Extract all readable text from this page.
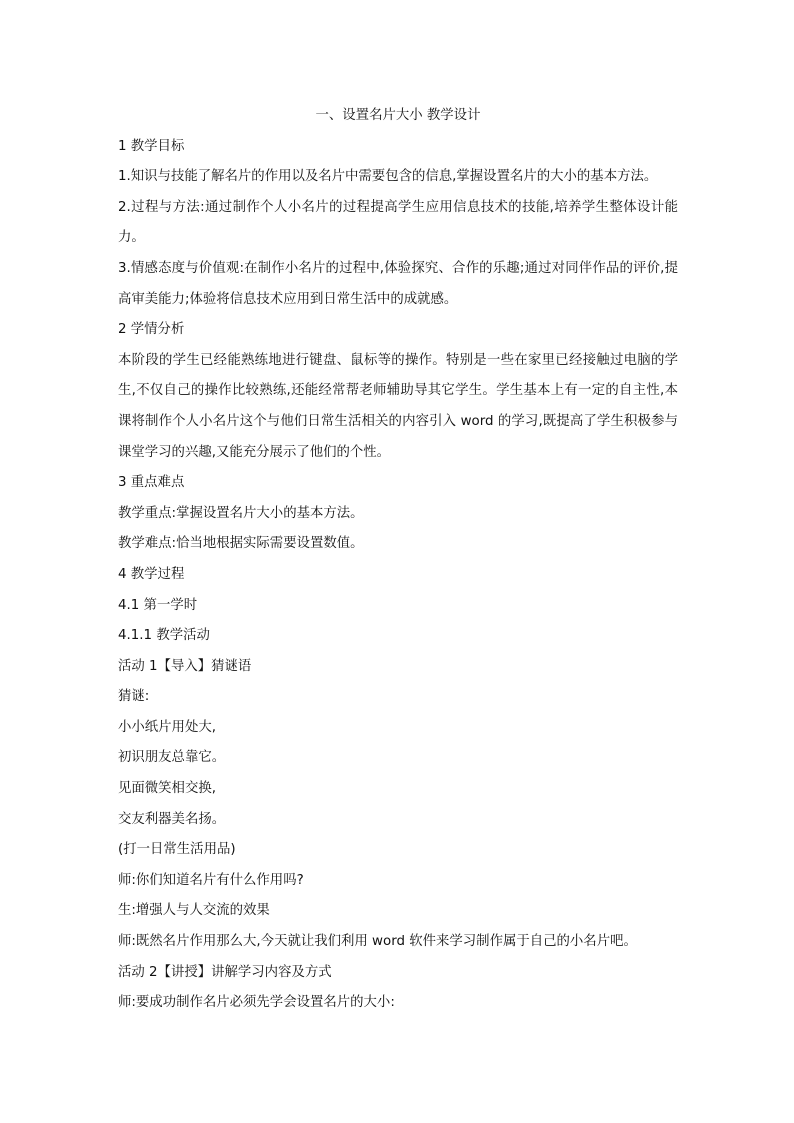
一、设置名片大小 教学设计

1 教学目标

1.知识与技能了解名片的作用以及名片中需要包含的信息,掌握设置名片的大小的基本方法。

2.过程与方法:通过制作个人小名片的过程提高学生应用信息技术的技能,培养学生整体设计能力。

3.情感态度与价值观:在制作小名片的过程中,体验探究、合作的乐趣;通过对同伴作品的评价,提高审美能力;体验将信息技术应用到日常生活中的成就感。

2 学情分析

本阶段的学生已经能熟练地进行键盘、鼠标等的操作。特别是一些在家里已经接触过电脑的学生,不仅自己的操作比较熟练,还能经常帮老师辅助导其它学生。学生基本上有一定的自主性,本课将制作个人小名片这个与他们日常生活相关的内容引入 word 的学习,既提高了学生积极参与课堂学习的兴趣,又能充分展示了他们的个性。

3 重点难点

教学重点:掌握设置名片大小的基本方法。

教学难点:恰当地根据实际需要设置数值。

4 教学过程

4.1 第一学时

4.1.1 教学活动

活动 1【导入】猜谜语

猜谜:

小小纸片用处大,

初识朋友总靠它。

见面微笑相交换,

交友利器美名扬。

(打一日常生活用品)

师:你们知道名片有什么作用吗?

生:增强人与人交流的效果

师:既然名片作用那么大,今天就让我们利用 word 软件来学习制作属于自己的小名片吧。

活动 2【讲授】讲解学习内容及方式

师:要成功制作名片必须先学会设置名片的大小:
